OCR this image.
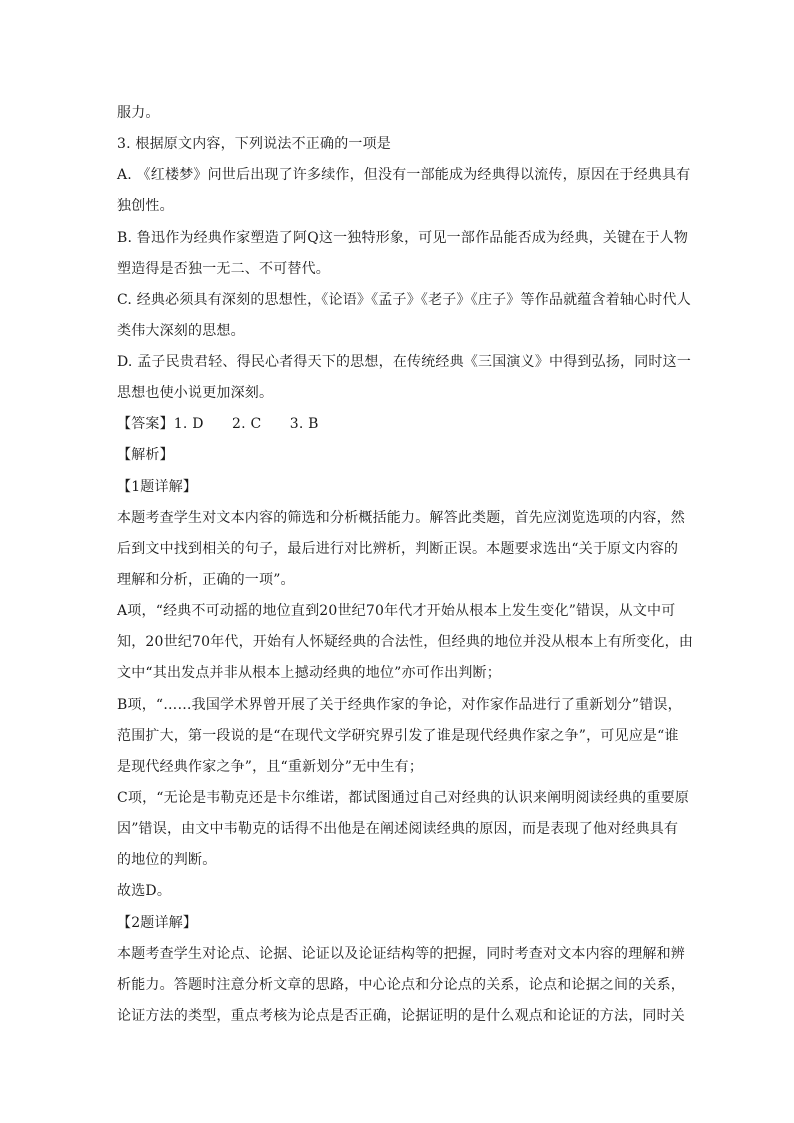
服力。
3. 根据原文内容，下列说法不正确的一项是
A. 《红楼梦》问世后出现了许多续作，但没有一部能成为经典得以流传，原因在于经典具有
独创性。
B. 鲁迅作为经典作家塑造了阿Q这一独特形象，可见一部作品能否成为经典，关键在于人物
塑造得是否独一无二、不可替代。
C. 经典必须具有深刻的思想性，《论语》《孟子》《老子》《庄子》等作品就蕴含着轴心时代人
类伟大深刻的思想。
D. 孟子民贵君轻、得民心者得天下的思想，在传统经典《三国演义》中得到弘扬，同时这一
思想也使小说更加深刻。
【答案】1. D　　2. C　　3. B
【解析】
【1题详解】
本题考查学生对文本内容的筛选和分析概括能力。解答此类题，首先应浏览选项的内容，然
后到文中找到相关的句子，最后进行对比辨析，判断正误。本题要求选出“关于原文内容的
理解和分析，正确的一项”。
A项，“经典不可动摇的地位直到20世纪70年代才开始从根本上发生变化”错误，从文中可
知，20世纪70年代，开始有人怀疑经典的合法性，但经典的地位并没从根本上有所变化，由
文中“其出发点并非从根本上撼动经典的地位”亦可作出判断；
B项，“……我国学术界曾开展了关于经典作家的争论，对作家作品进行了重新划分”错误，
范围扩大，第一段说的是“在现代文学研究界引发了谁是现代经典作家之争”，可见应是“谁
是现代经典作家之争”，且“重新划分”无中生有；
C项，“无论是韦勒克还是卡尔维诺，都试图通过自己对经典的认识来阐明阅读经典的重要原
因”错误，由文中韦勒克的话得不出他是在阐述阅读经典的原因，而是表现了他对经典具有
的地位的判断。
故选D。
【2题详解】
本题考查学生对论点、论据、论证以及论证结构等的把握，同时考查对文本内容的理解和辨
析能力。答题时注意分析文章的思路，中心论点和分论点的关系，论点和论据之间的关系，
论证方法的类型，重点考核为论点是否正确，论据证明的是什么观点和论证的方法，同时关
